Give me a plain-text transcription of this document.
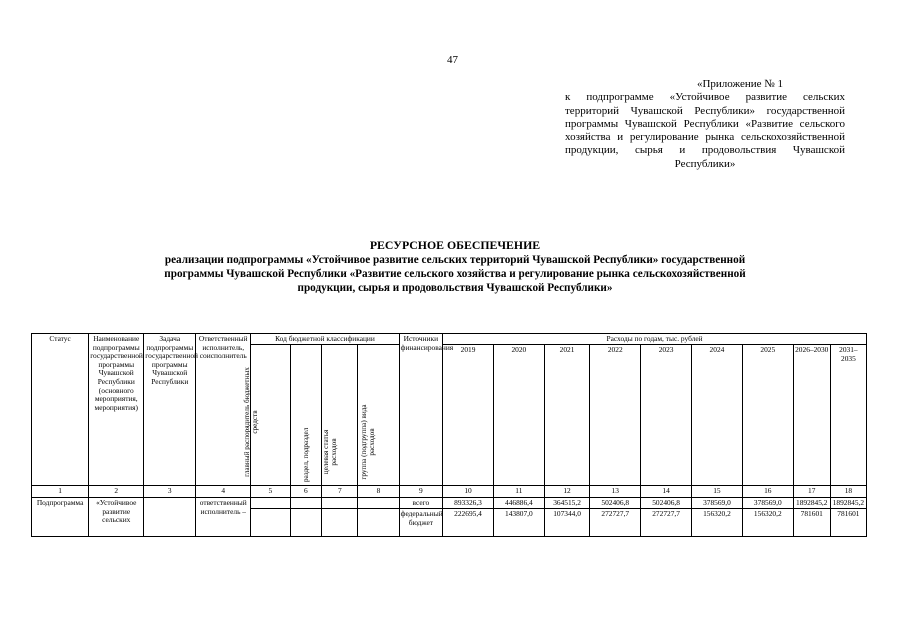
47
«Приложение № 1
к подпрограмме «Устойчивое развитие сельских территорий Чувашской Республики» государственной программы Чувашской Республики «Развитие сельского хозяйства и регулирование рынка сельскохозяйственной продукции, сырья и продовольствия Чувашской Республики»
РЕСУРСНОЕ ОБЕСПЕЧЕНИЕ
реализации подпрограммы «Устойчивое развитие сельских территорий Чувашской Республики» государственной
программы Чувашской Республики «Развитие сельского хозяйства и регулирование рынка сельскохозяйственной
продукции, сырья и продовольствия Чувашской Республики»
Статус	Наименование подпрограммы государственной программы Чувашской Республики (основного мероприятия, мероприятия)	Задача подпрограммы государственной программы Чувашской Республики	Ответственный исполнитель, соисполнитель	Код бюджетной классификации				Источники финансирования	Расходы по годам, тыс. рублей								

				главный распорядитель бюджетных средств	раздел, подраздел	целевая статья расходов	группа (подгруппа) вида расходов		2019	2020	2021	2022	2023	2024	2025	2026–2030	2031–2035
1	2	3	4	5	6	7	8	9	10	11	12	13	14	15	16	17	18
Подпрограмма	«Устойчивое развитие сельских		ответственный исполнитель –					всего	893326,3	446886,4	364515,2	502406,8	502406,8	378569,0	378569,0	1892845,2	1892845,2
								федеральный бюджет	222695,4	143807,0	107344,0	272727,7	272727,7	156320,2	156320,2	781601	781601
